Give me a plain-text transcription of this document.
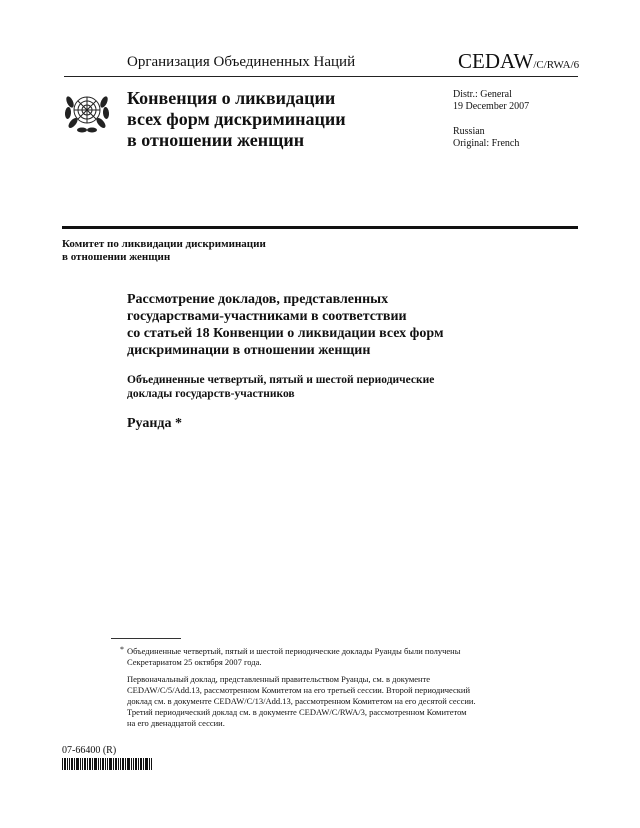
Организация Объединенных Наций	CEDAW/C/RWA/6
Конвенция о ликвидации
всех форм дискриминации
в отношении женщин
Distr.: General
19 December 2007
Russian
Original: French
Комитет по ликвидации дискриминации
в отношении женщин
Рассмотрение докладов, представленных
государствами-участниками в соответствии
со статьей 18 Конвенции о ликвидации всех форм
дискриминации в отношении женщин
Объединенные четвертый, пятый и шестой периодические
доклады государств-участников
Руанда *
* Объединенные четвертый, пятый и шестой периодические доклады Руанды были получены
Секретариатом 25 октября 2007 года.
Первоначальный доклад, представленный правительством Руанды, см. в документе
CEDAW/C/5/Add.13, рассмотренном Комитетом на его третьей сессии. Второй периодический
доклад см. в документе CEDAW/C/13/Add.13, рассмотренном Комитетом на его десятой сессии.
Третий периодический доклад см. в документе CEDAW/C/RWA/3, рассмотренном Комитетом
на его двенадцатой сессии.
07-66400 (R)
